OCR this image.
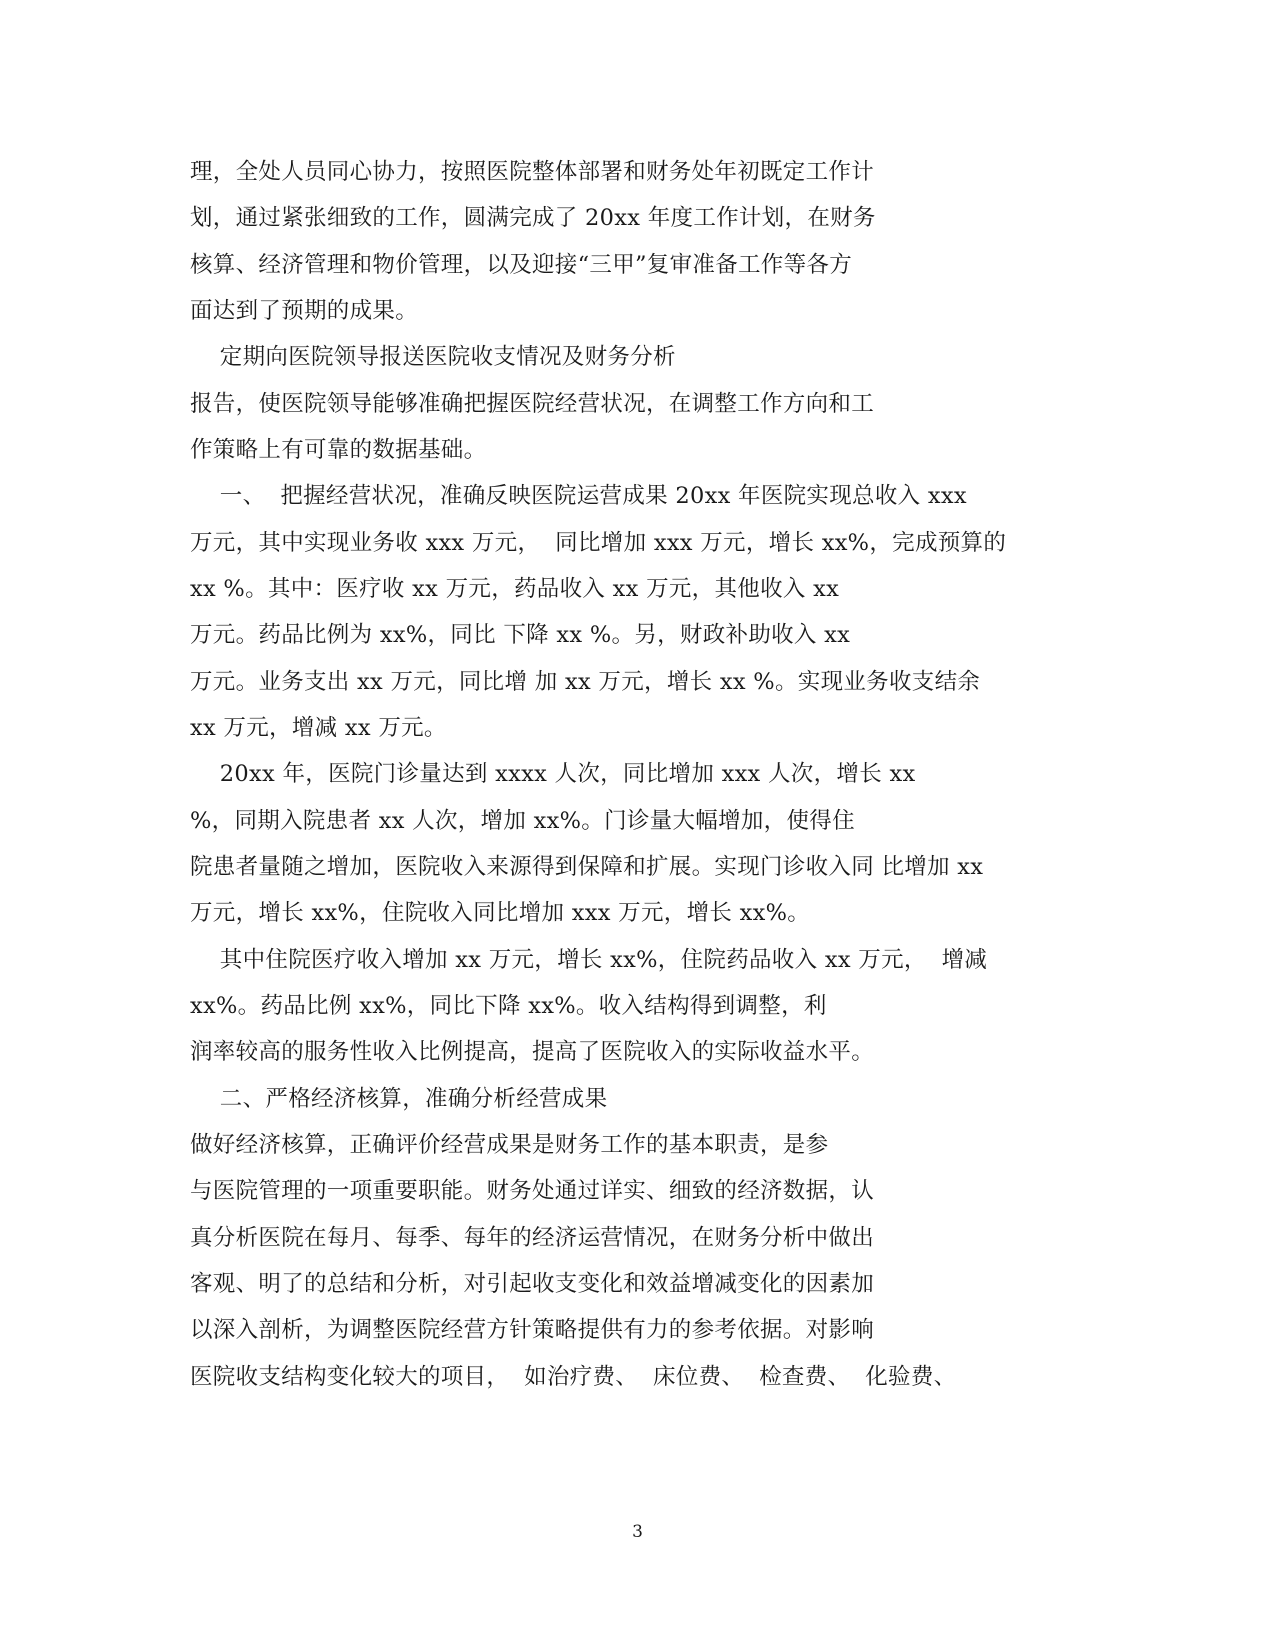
理，全处人员同心协力，按照医院整体部署和财务处年初既定工作计
划，通过紧张细致的工作，圆满完成了 20xx 年度工作计划，在财务
核算、经济管理和物价管理，以及迎接“三甲”复审准备工作等各方
面达到了预期的成果。
定期向医院领导报送医院收支情况及财务分析
报告，使医院领导能够准确把握医院经营状况，在调整工作方向和工
作策略上有可靠的数据基础。
一、  把握经营状况，准确反映医院运营成果 20xx 年医院实现总收入 xxx
万元，其中实现业务收 xxx 万元，  同比增加 xxx 万元，增长 xx%，完成预算的
xx %。其中：医疗收 xx 万元，药品收入 xx 万元，其他收入 xx
万元。药品比例为 xx%，同比 下降 xx %。另，财政补助收入 xx
万元。业务支出 xx 万元，同比增 加 xx 万元，增长 xx %。实现业务收支结余
xx 万元，增减 xx 万元。
20xx 年，医院门诊量达到 xxxx 人次，同比增加 xxx 人次，增长 xx
%，同期入院患者 xx 人次，增加 xx%。门诊量大幅增加，使得住
院患者量随之增加，医院收入来源得到保障和扩展。实现门诊收入同 比增加 xx
万元，增长 xx%，住院收入同比增加 xxx 万元，增长 xx%。
其中住院医疗收入增加 xx 万元，增长 xx%，住院药品收入 xx 万元，  增减
xx%。药品比例 xx%，同比下降 xx%。收入结构得到调整，利
润率较高的服务性收入比例提高，提高了医院收入的实际收益水平。
二、严格经济核算，准确分析经营成果
做好经济核算，正确评价经营成果是财务工作的基本职责，是参
与医院管理的一项重要职能。财务处通过详实、细致的经济数据，认
真分析医院在每月、每季、每年的经济运营情况，在财务分析中做出
客观、明了的总结和分析，对引起收支变化和效益增减变化的因素加
以深入剖析，为调整医院经营方针策略提供有力的参考依据。对影响
医院收支结构变化较大的项目，  如治疗费、  床位费、  检查费、  化验费、
3
